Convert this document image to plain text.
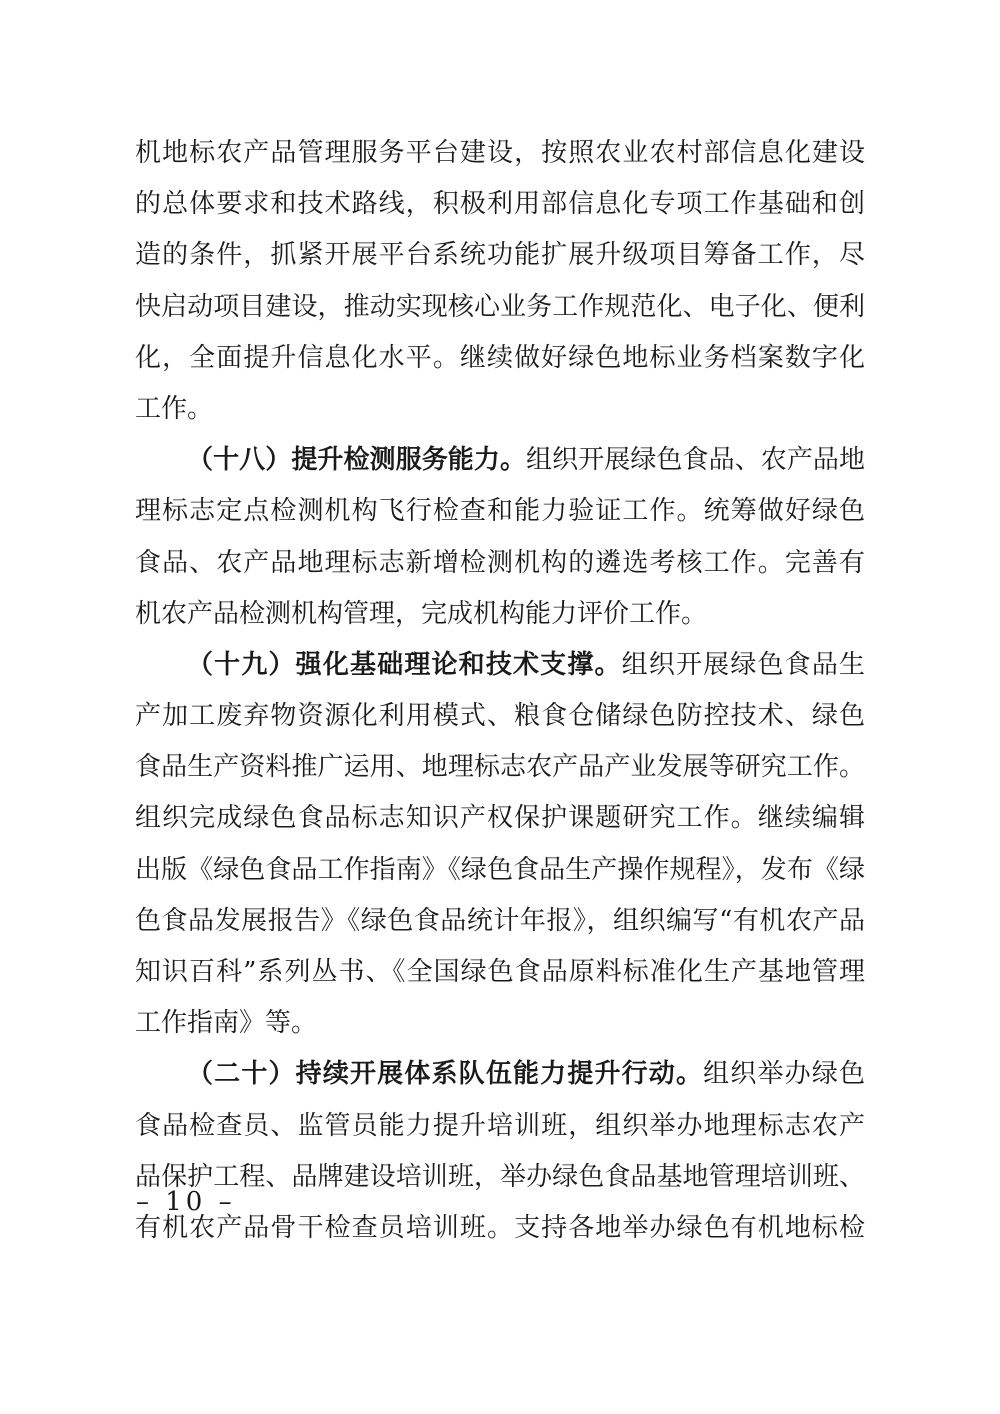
机地标农产品管理服务平台建设，按照农业农村部信息化建设
的总体要求和技术路线，积极利用部信息化专项工作基础和创
造的条件，抓紧开展平台系统功能扩展升级项目筹备工作，尽
快启动项目建设，推动实现核心业务工作规范化、电子化、便利
化，全面提升信息化水平。继续做好绿色地标业务档案数字化
工作。
（十八）提升检测服务能力。组织开展绿色食品、农产品地
理标志定点检测机构飞行检查和能力验证工作。统筹做好绿色
食品、农产品地理标志新增检测机构的遴选考核工作。完善有
机农产品检测机构管理，完成机构能力评价工作。
（十九）强化基础理论和技术支撑。组织开展绿色食品生
产加工废弃物资源化利用模式、粮食仓储绿色防控技术、绿色
食品生产资料推广运用、地理标志农产品产业发展等研究工作。
组织完成绿色食品标志知识产权保护课题研究工作。继续编辑
出版《绿色食品工作指南》《绿色食品生产操作规程》，发布《绿
色食品发展报告》《绿色食品统计年报》，组织编写“有机农产品
知识百科”系列丛书、《全国绿色食品原料标准化生产基地管理
工作指南》等。
（二十）持续开展体系队伍能力提升行动。组织举办绿色
食品检查员、监管员能力提升培训班，组织举办地理标志农产
品保护工程、品牌建设培训班，举办绿色食品基地管理培训班、
有机农产品骨干检查员培训班。支持各地举办绿色有机地标检
– 10 –
